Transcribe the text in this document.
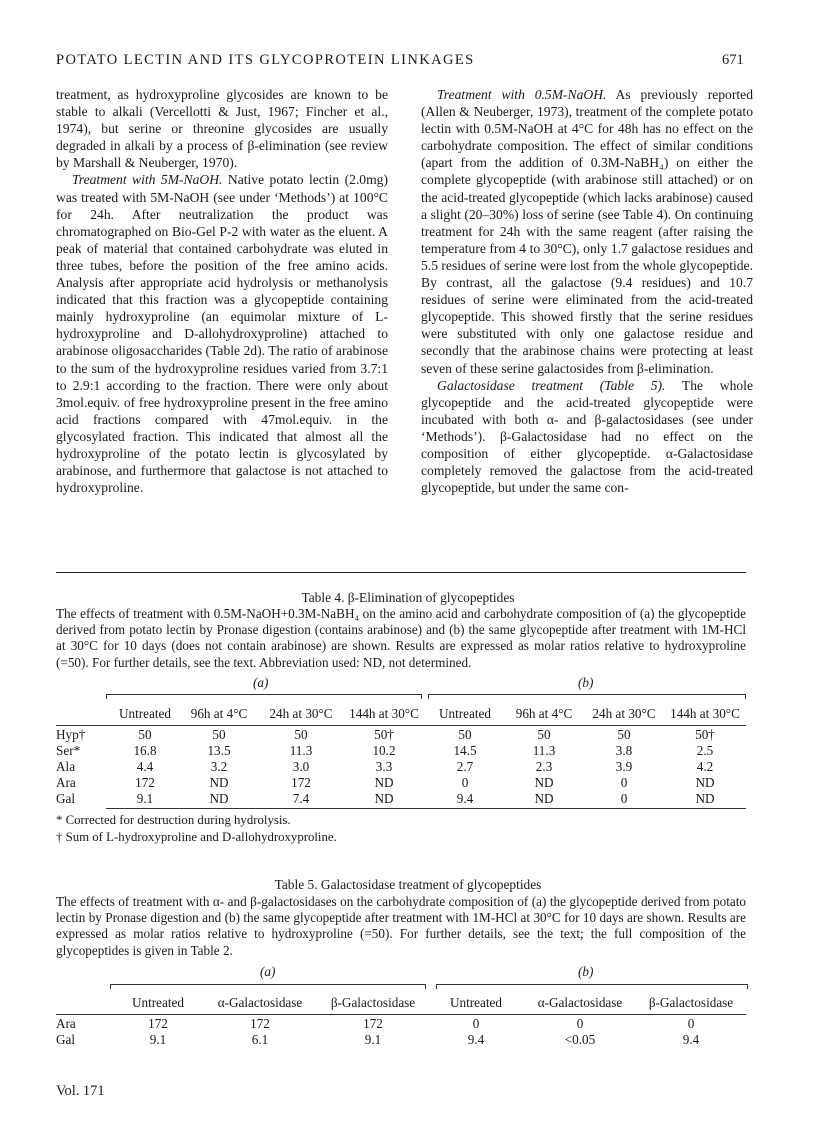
POTATO LECTIN AND ITS GLYCOPROTEIN LINKAGES	671

treatment, as hydroxyproline glycosides are known to be stable to alkali (Vercellotti & Just, 1967; Fincher et al., 1974), but serine or threonine glycosides are usually degraded in alkali by a process of β-elimination (see review by Marshall & Neuberger, 1970).

Treatment with 5M-NaOH. Native potato lectin (2.0mg) was treated with 5M-NaOH (see under ‘Methods’) at 100°C for 24h. After neutralization the product was chromatographed on Bio-Gel P-2 with water as the eluent. A peak of material that contained carbohydrate was eluted in three tubes, before the position of the free amino acids. Analysis after appropriate acid hydrolysis or methanolysis indicated that this fraction was a glycopeptide containing mainly hydroxyproline (an equimolar mixture of L-hydroxyproline and D-allohydroxyproline) attached to arabinose oligosaccharides (Table 2d). The ratio of arabinose to the sum of the hydroxyproline residues varied from 3.7:1 to 2.9:1 according to the fraction. There were only about 3mol.equiv. of free hydroxyproline present in the free amino acid fractions compared with 47mol.equiv. in the glycosylated fraction. This indicated that almost all the hydroxyproline of the potato lectin is glycosylated by arabinose, and furthermore that galactose is not attached to hydroxyproline.

Treatment with 0.5M-NaOH. As previously reported (Allen & Neuberger, 1973), treatment of the complete potato lectin with 0.5M-NaOH at 4°C for 48h has no effect on the carbohydrate composition. The effect of similar conditions (apart from the addition of 0.3M-NaBH₄) on either the complete glycopeptide (with arabinose still attached) or on the acid-treated glycopeptide (which lacks arabinose) caused a slight (20–30%) loss of serine (see Table 4). On continuing treatment for 24h with the same reagent (after raising the temperature from 4 to 30°C), only 1.7 galactose residues and 5.5 residues of serine were lost from the whole glycopeptide. By contrast, all the galactose (9.4 residues) and 10.7 residues of serine were eliminated from the acid-treated glycopeptide. This showed firstly that the serine residues were substituted with only one galactose residue and secondly that the arabinose chains were protecting at least seven of these serine galactosides from β-elimination.

Galactosidase treatment (Table 5). The whole glycopeptide and the acid-treated glycopeptide were incubated with both α- and β-galactosidases (see under ‘Methods’). β-Galactosidase had no effect on the composition of either glycopeptide. α-Galactosidase completely removed the galactose from the acid-treated glycopeptide, but under the same con-

Table 4. β-Elimination of glycopeptides
The effects of treatment with 0.5M-NaOH+0.3M-NaBH₄ on the amino acid and carbohydrate composition of (a) the glycopeptide derived from potato lectin by Pronase digestion (contains arabinose) and (b) the same glycopeptide after treatment with 1M-HCl at 30°C for 10 days (does not contain arabinose) are shown. Results are expressed as molar ratios relative to hydroxyproline (=50). For further details, see the text. Abbreviation used: ND, not determined.
(a)	(b)
	Untreated	96h at 4°C	24h at 30°C	144h at 30°C	Untreated	96h at 4°C	24h at 30°C	144h at 30°C

Hyp†	50	50	50	50†	50	50	50	50†
Ser*	16.8	13.5	11.3	10.2	14.5	11.3	3.8	2.5
Ala	4.4	3.2	3.0	3.3	2.7	2.3	3.9	4.2
Ara	172	ND	172	ND	0	ND	0	ND
Gal	9.1	ND	7.4	ND	9.4	ND	0	ND
* Corrected for destruction during hydrolysis.
† Sum of L-hydroxyproline and D-allohydroxyproline.
Table 5. Galactosidase treatment of glycopeptides
The effects of treatment with α- and β-galactosidases on the carbohydrate composition of (a) the glycopeptide derived from potato lectin by Pronase digestion and (b) the same glycopeptide after treatment with 1M-HCl at 30°C for 10 days are shown. Results are expressed as molar ratios relative to hydroxyproline (=50). For further details, see the text; the full composition of the glycopeptides is given in Table 2.
(a)	(b)
	Untreated	α-Galactosidase	β-Galactosidase	Untreated	α-Galactosidase	β-Galactosidase

Ara	172	172	172	0	0	0
Gal	9.1	6.1	9.1	9.4	<0.05	9.4
Vol. 171
